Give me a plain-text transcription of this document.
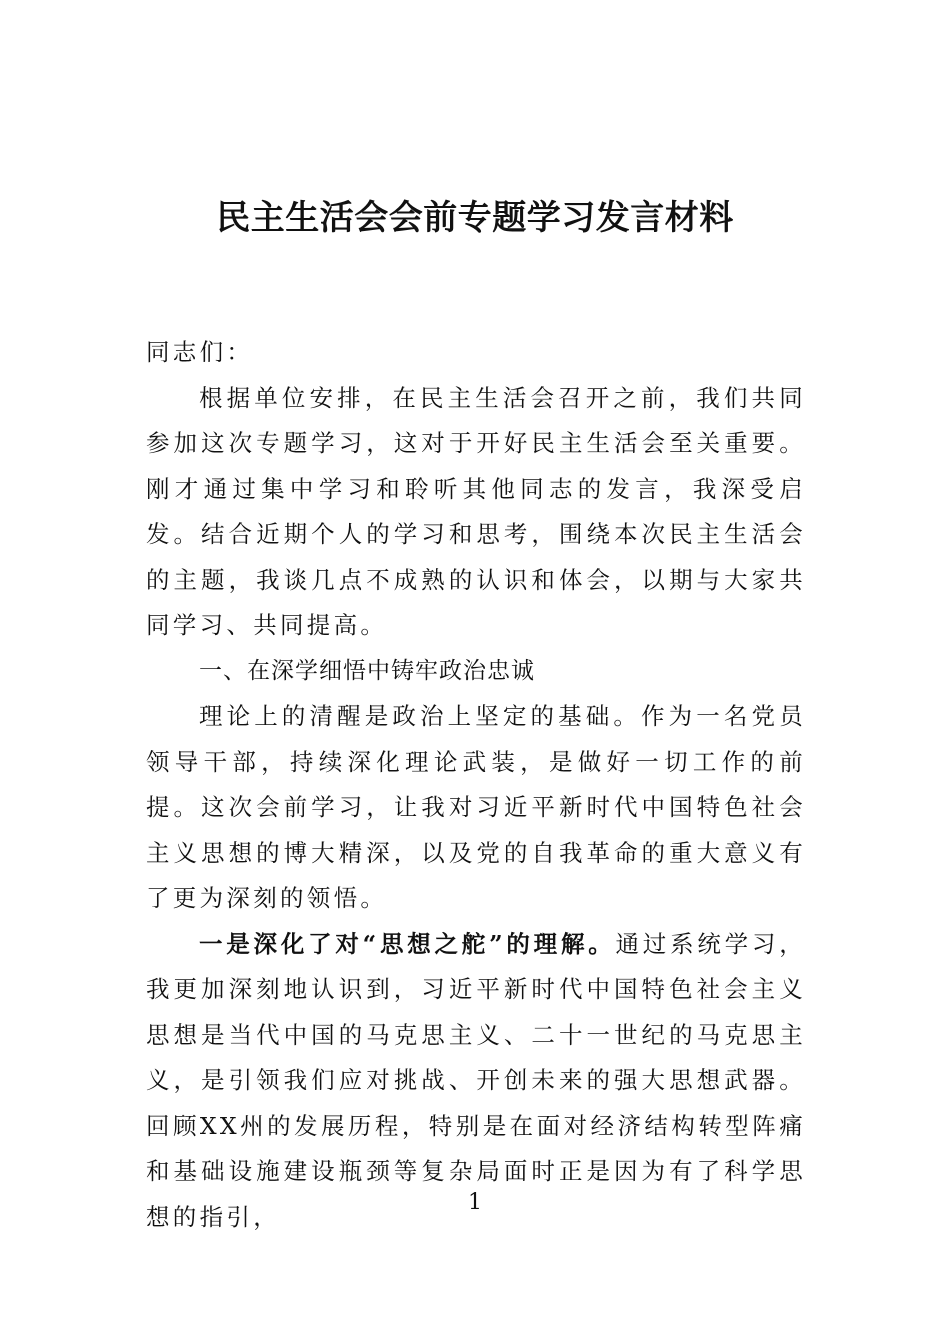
民主生活会会前专题学习发言材料

同志们：

根据单位安排，在民主生活会召开之前，我们共同参加这次专题学习，这对于开好民主生活会至关重要。刚才通过集中学习和聆听其他同志的发言，我深受启发。结合近期个人的学习和思考，围绕本次民主生活会的主题，我谈几点不成熟的认识和体会，以期与大家共同学习、共同提高。

一、在深学细悟中铸牢政治忠诚

理论上的清醒是政治上坚定的基础。作为一名党员领导干部，持续深化理论武装，是做好一切工作的前提。这次会前学习，让我对习近平新时代中国特色社会主义思想的博大精深，以及党的自我革命的重大意义有了更为深刻的领悟。

一是深化了对“思想之舵”的理解。通过系统学习，我更加深刻地认识到，习近平新时代中国特色社会主义思想是当代中国的马克思主义、二十一世纪的马克思主义，是引领我们应对挑战、开创未来的强大思想武器。回顾XX州的发展历程，特别是在面对经济结构转型阵痛和基础设施建设瓶颈等复杂局面时正是因为有了科学思想的指引，	1
